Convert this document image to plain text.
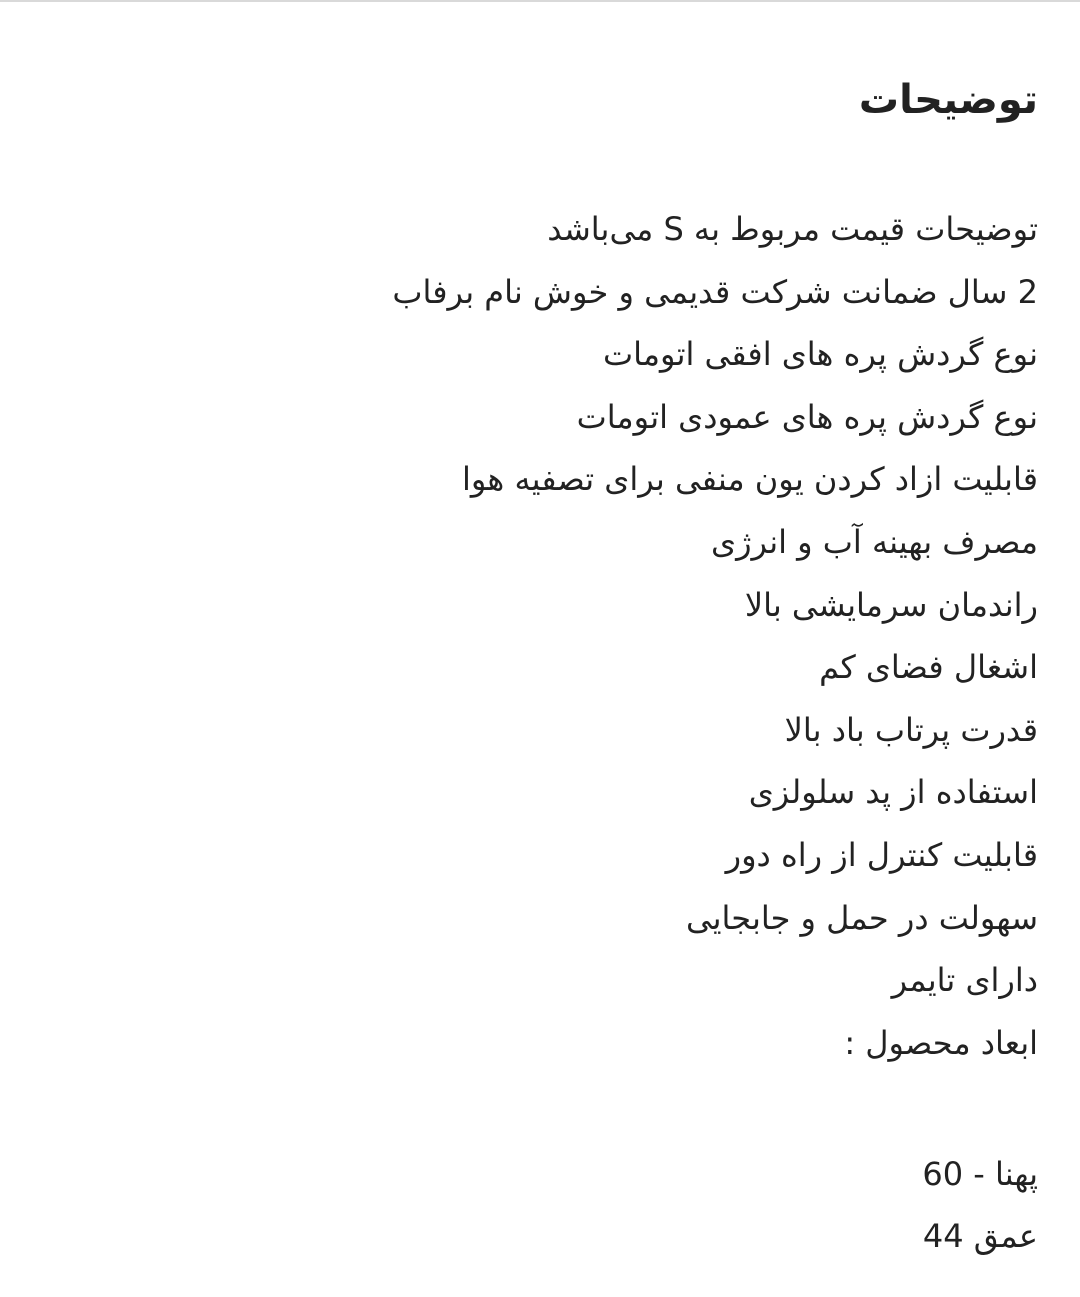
توضیحات
توضیحات قیمت مربوط به S می‌باشد
2 سال ضمانت شرکت قدیمی و خوش نام برفاب
نوع گردش پره های افقی اتومات
نوع گردش پره های عمودی اتومات
قابلیت ازاد کردن یون منفی برای تصفیه هوا
مصرف بهینه آب و انرژی
راندمان سرمایشی بالا
اشغال فضای کم
قدرت پرتاب باد بالا
استفاده از پد سلولزی
قابلیت کنترل از راه دور
سهولت در حمل و جابجایی
دارای تایمر
ابعاد محصول :
پهنا - 60
عمق 44
